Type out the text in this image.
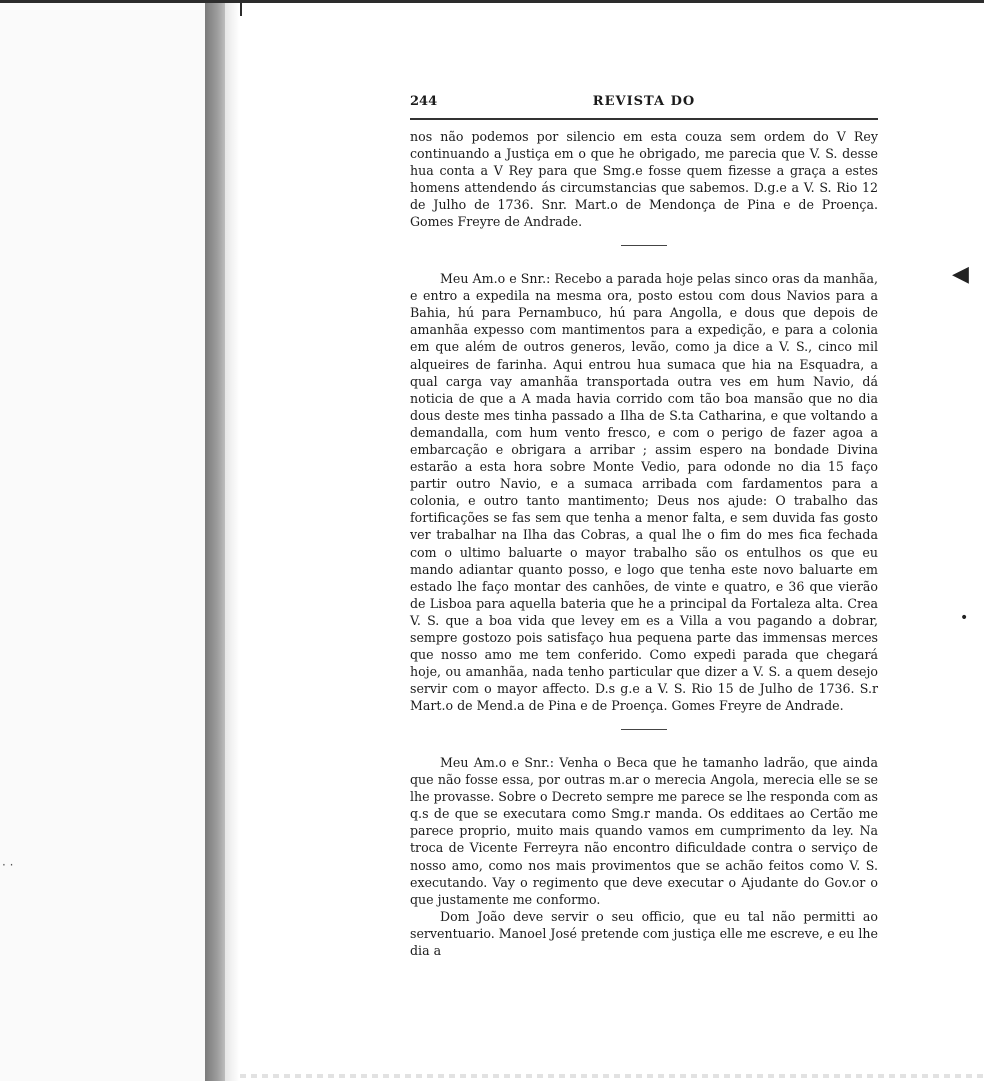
◀
•
· ·
244	REVISTA DO

nos não podemos por silencio em esta couza sem ordem do V Rey continuando a Justiça em o que he obrigado, me parecia que V. S. desse hua conta a V Rey para que Smg.e fosse quem fizesse a graça a estes homens attendendo ás circumstancias que sabemos. D.g.e a V. S. Rio 12 de Julho de 1736. Snr. Mart.o de Mendonça de Pina e de Proença. Gomes Freyre de Andrade.

Meu Am.o e Snr.: Recebo a parada hoje pelas sinco oras da manhãa, e entro a expedila na mesma ora, posto estou com dous Navios para a Bahia, hú para Pernambuco, hú para Angolla, e dous que depois de amanhãa expesso com mantimentos para a expedição, e para a colonia em que além de outros generos, levão, como ja dice a V. S., cinco mil alqueires de farinha. Aqui entrou hua sumaca que hia na Esquadra, a qual carga vay amanhãa transportada outra ves em hum Navio, dá noticia de que a A mada havia corrido com tão boa mansão que no dia dous deste mes tinha passado a Ilha de S.ta Catharina, e que voltando a demandalla, com hum vento fresco, e com o perigo de fazer agoa a embarcação e obrigara a arribar ; assim espero na bondade Divina estarão a esta hora sobre Monte Vedio, para odonde no dia 15 faço partir outro Navio, e a sumaca arribada com fardamentos para a colonia, e outro tanto mantimento; Deus nos ajude: O trabalho das fortificações se fas sem que tenha a menor falta, e sem duvida fas gosto ver trabalhar na Ilha das Cobras, a qual lhe o fim do mes fica fechada com o ultimo baluarte o mayor trabalho são os entulhos os que eu mando adiantar quanto posso, e logo que tenha este novo baluarte em estado lhe faço montar des canhões, de vinte e quatro, e 36 que vierão de Lisboa para aquella bateria que he a principal da Fortaleza alta. Crea V. S. que a boa vida que levey em es a Villa a vou pagando a dobrar, sempre gostozo pois satisfaço hua pequena parte das immensas merces que nosso amo me tem conferido. Como expedi parada que chegará hoje, ou amanhãa, nada tenho particular que dizer a V. S. a quem desejo servir com o mayor affecto. D.s g.e a V. S. Rio 15 de Julho de 1736. S.r Mart.o de Mend.a de Pina e de Proença. Gomes Freyre de Andrade.

Meu Am.o e Snr.: Venha o Beca que he tamanho ladrão, que ainda que não fosse essa, por outras m.ar o merecia Angola, merecia elle se se lhe provasse. Sobre o Decreto sempre me parece se lhe responda com as q.s de que se executara como Smg.r manda. Os edditaes ao Certão me parece proprio, muito mais quando vamos em cumprimento da ley. Na troca de Vicente Ferreyra não encontro dificuldade contra o serviço de nosso amo, como nos mais provimentos que se achão feitos como V. S. executando. Vay o regimento que deve executar o Ajudante do Gov.or o que justamente me conformo.

Dom João deve servir o seu officio, que eu tal não permitti ao serventuario. Manoel José pretende com justiça elle me escreve, e eu lhe dia a
